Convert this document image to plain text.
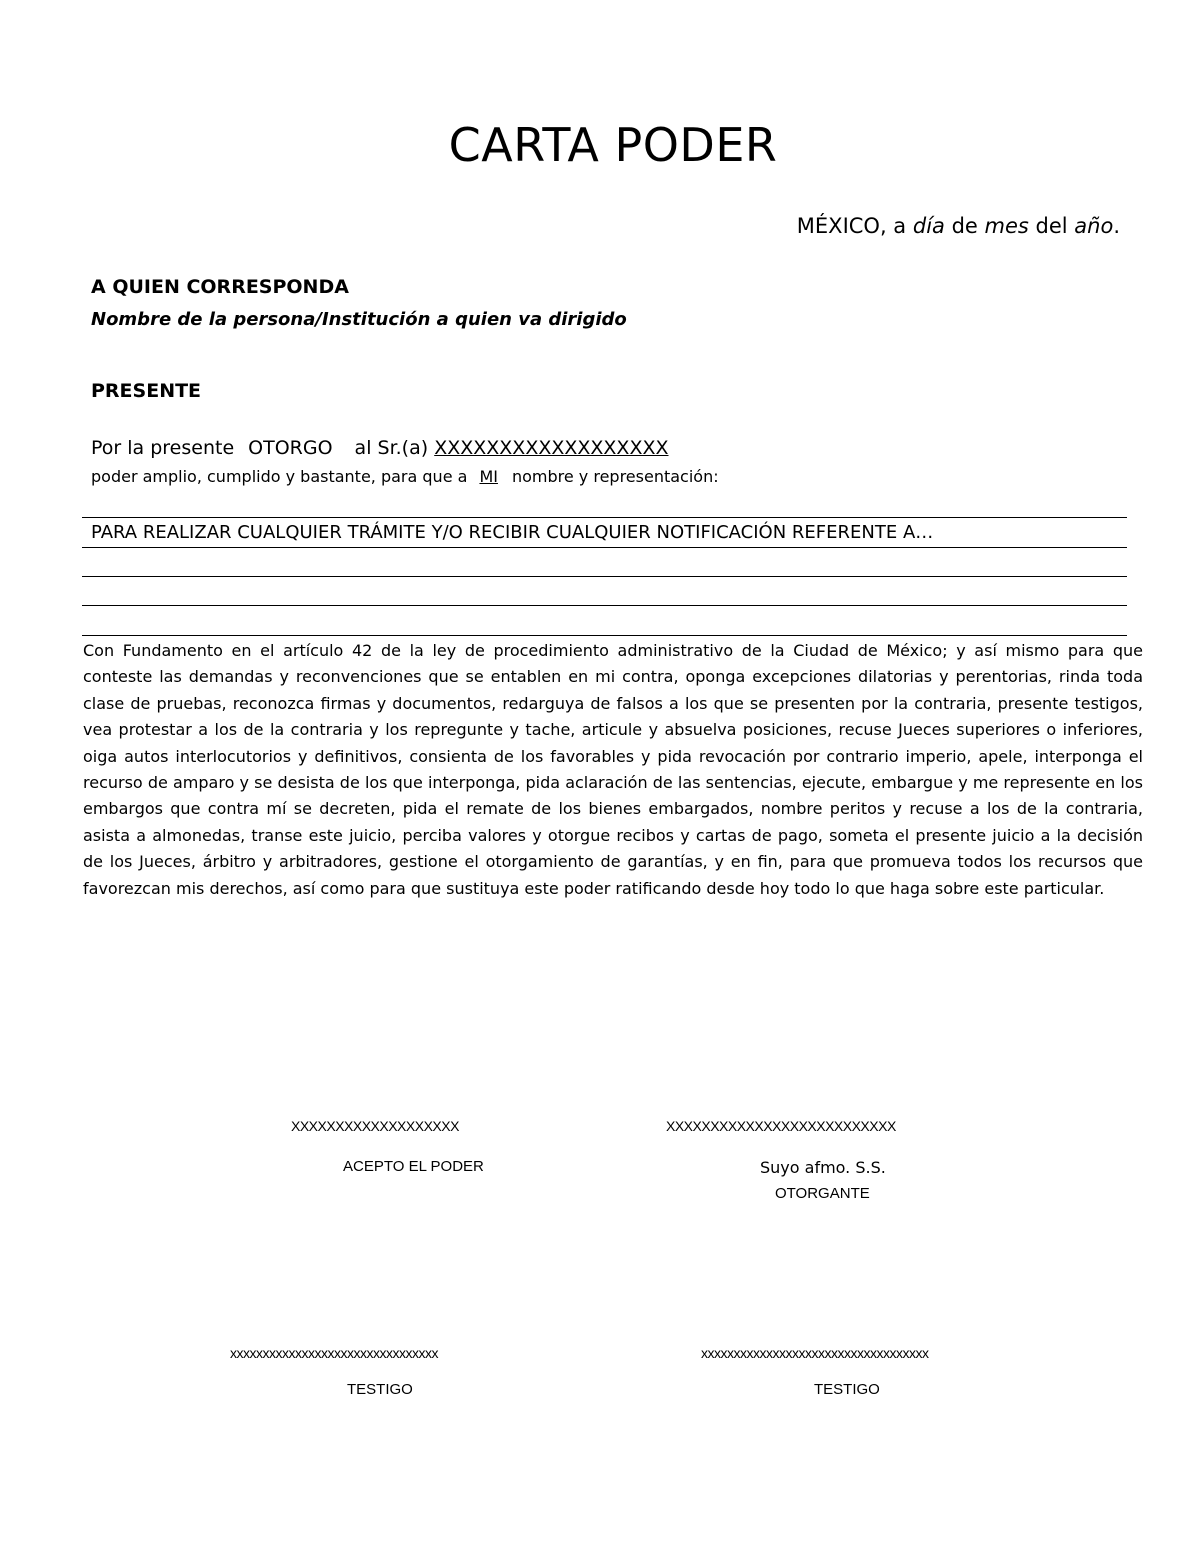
CARTA PODER
MÉXICO, a día de mes del año.
A QUIEN CORRESPONDA
Nombre de la persona/Institución a quien va dirigido
PRESENTE
Por la presente OTORGO al Sr.(a) XXXXXXXXXXXXXXXXXX
poder amplio, cumplido y bastante, para que a MI nombre y representación:
PARA REALIZAR CUALQUIER TRÁMITE Y/O RECIBIR CUALQUIER NOTIFICACIÓN REFERENTE A…
Con Fundamento en el artículo 42 de la ley de procedimiento administrativo de la Ciudad de México; y así mismo para que conteste las demandas y reconvenciones que se entablen en mi contra, oponga excepciones dilatorias y perentorias, rinda toda clase de pruebas, reconozca firmas y documentos, redarguya de falsos a los que se presenten por la contraria, presente testigos, vea protestar a los de la contraria y los repregunte y tache, articule y absuelva posiciones, recuse Jueces superiores o inferiores, oiga autos interlocutorios y definitivos, consienta de los favorables y pida revocación por contrario imperio, apele, interponga el recurso de amparo y se desista de los que interponga, pida aclaración de las sentencias, ejecute, embargue y me represente en los embargos que contra mí se decreten, pida el remate de los bienes embargados, nombre peritos y recuse a los de la contraria, asista a almonedas, transe este juicio, perciba valores y otorgue recibos y cartas de pago, someta el presente juicio a la decisión de los Jueces, árbitro y arbitradores, gestione el otorgamiento de garantías, y en fin, para que promueva todos los recursos que favorezcan mis derechos, así como para que sustituya este poder ratificando desde hoy todo lo que haga sobre este particular.
XXXXXXXXXXXXXXXXXXX
ACEPTO EL PODER
XXXXXXXXXXXXXXXXXXXXXXXXXX
Suyo afmo. S.S.
OTORGANTE
xxxxxxxxxxxxxxxxxxxxxxxxxxxxxxxx
TESTIGO
xxxxxxxxxxxxxxxxxxxxxxxxxxxxxxxxxxx
TESTIGO
